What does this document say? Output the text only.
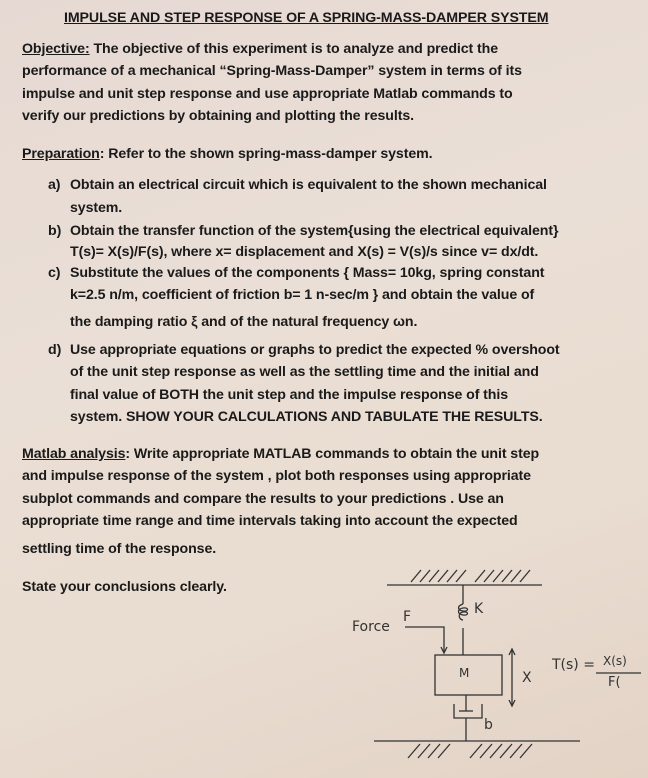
IMPULSE AND STEP RESPONSE OF A SPRING-MASS-DAMPER SYSTEM
Objective: The objective of this experiment is to analyze and predict the
performance of a mechanical “Spring-Mass-Damper” system in terms of its
impulse and unit step response and use appropriate Matlab commands to
verify our predictions by obtaining and plotting the results.
Preparation: Refer to the shown spring-mass-damper system.
a) Obtain an electrical circuit which is equivalent to the shown mechanical
system.
b) Obtain the transfer function of the system{using the electrical equivalent}
T(s)= X(s)/F(s), where x= displacement and X(s) = V(s)/s since v= dx/dt.
c) Substitute the values of the components { Mass= 10kg, spring constant
k=2.5 n/m, coefficient of friction b= 1 n-sec/m } and obtain the value of
the damping ratio ξ and of the natural frequency ωn.
d) Use appropriate equations or graphs to predict the expected % overshoot
of the unit step response as well as the settling time and the initial and
final value of BOTH the unit step and the impulse response of this
system. SHOW YOUR CALCULATIONS AND TABULATE THE RESULTS.
Matlab analysis: Write appropriate MATLAB commands to obtain the unit step
and impulse response of the system , plot both responses using appropriate
subplot commands and compare the results to your predictions . Use an
appropriate time range and time intervals taking into account the expected
settling time of the response.
State your conclusions clearly.
Force
F	K
M	X
b
T(s) = X(s)
F(
